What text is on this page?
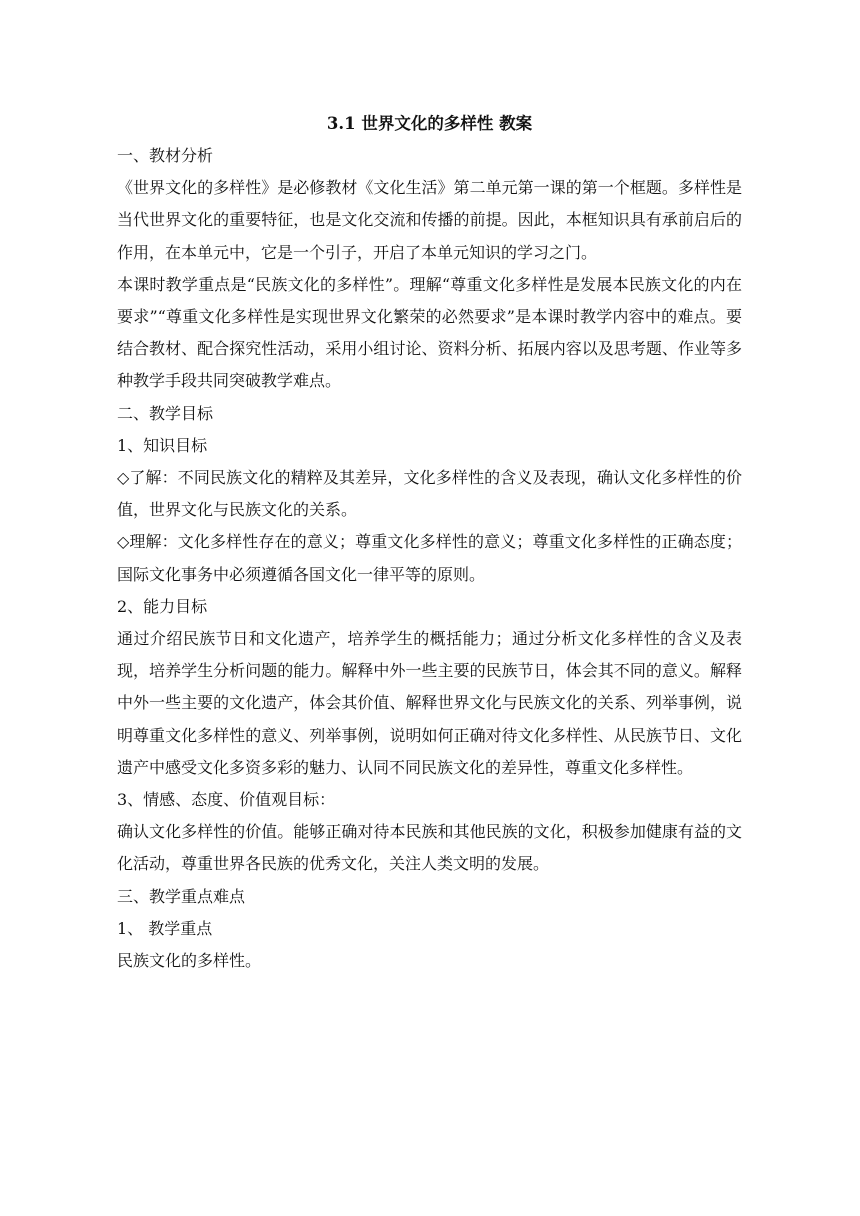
3.1 世界文化的多样性 教案
一、教材分析

《世界文化的多样性》是必修教材《文化生活》第二单元第一课的第一个框题。多样性是当代世界文化的重要特征，也是文化交流和传播的前提。因此，本框知识具有承前启后的作用，在本单元中，它是一个引子，开启了本单元知识的学习之门。

本课时教学重点是“民族文化的多样性”。理解“尊重文化多样性是发展本民族文化的内在要求”“尊重文化多样性是实现世界文化繁荣的必然要求”是本课时教学内容中的难点。要结合教材、配合探究性活动，采用小组讨论、资料分析、拓展内容以及思考题、作业等多种教学手段共同突破教学难点。

二、教学目标
1、知识目标

◇了解：不同民族文化的精粹及其差异，文化多样性的含义及表现，确认文化多样性的价值，世界文化与民族文化的关系。

◇理解：文化多样性存在的意义；尊重文化多样性的意义；尊重文化多样性的正确态度；国际文化事务中必须遵循各国文化一律平等的原则。

2、能力目标

通过介绍民族节日和文化遗产，培养学生的概括能力；通过分析文化多样性的含义及表现，培养学生分析问题的能力。解释中外一些主要的民族节日，体会其不同的意义。解释中外一些主要的文化遗产，体会其价值、解释世界文化与民族文化的关系、列举事例，说明尊重文化多样性的意义、列举事例，说明如何正确对待文化多样性、从民族节日、文化遗产中感受文化多资多彩的魅力、认同不同民族文化的差异性，尊重文化多样性。

3、情感、态度、价值观目标：

确认文化多样性的价值。能够正确对待本民族和其他民族的文化，积极参加健康有益的文化活动，尊重世界各民族的优秀文化，关注人类文明的发展。

三、教学重点难点
1、 教学重点

民族文化的多样性。
